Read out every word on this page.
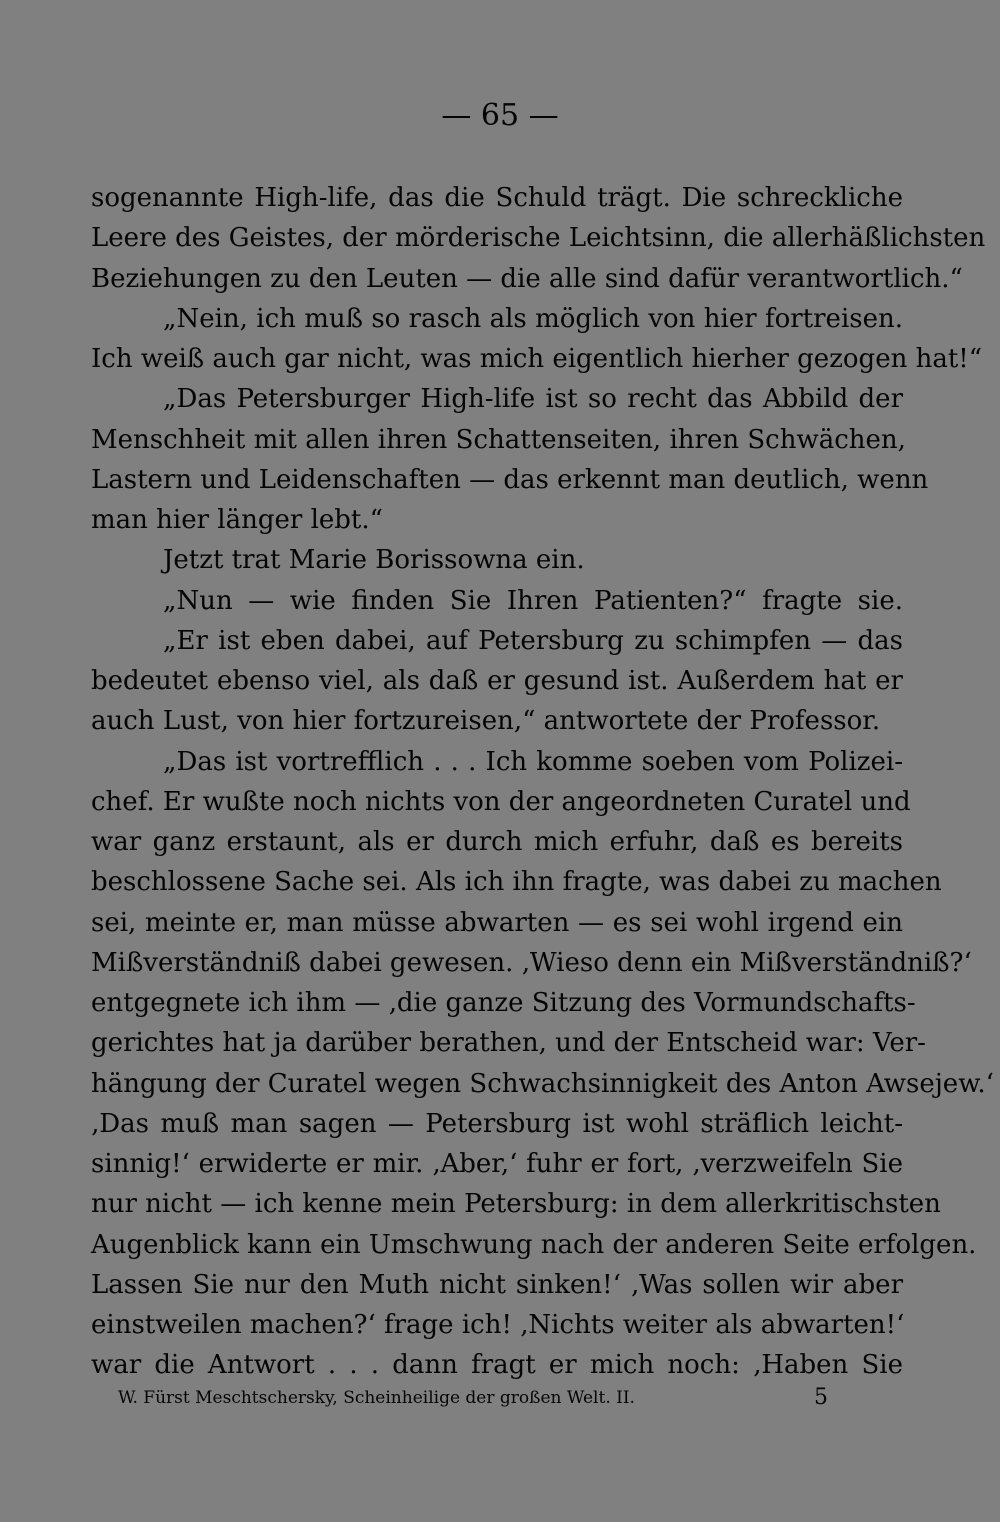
— 65 —
sogenannte High-life, das die Schuld trägt. Die schreckliche
Leere des Geistes, der mörderische Leichtsinn, die allerhäßlichsten
Beziehungen zu den Leuten — die alle sind dafür verantwortlich.“
„Nein, ich muß so rasch als möglich von hier fortreisen.
Ich weiß auch gar nicht, was mich eigentlich hierher gezogen hat!“
„Das Petersburger High-life ist so recht das Abbild der
Menschheit mit allen ihren Schattenseiten, ihren Schwächen,
Lastern und Leidenschaften — das erkennt man deutlich, wenn
man hier länger lebt.“
Jetzt trat Marie Borissowna ein.
„Nun — wie finden Sie Ihren Patienten?“ fragte sie.
„Er ist eben dabei, auf Petersburg zu schimpfen — das
bedeutet ebenso viel, als daß er gesund ist. Außerdem hat er
auch Lust, von hier fortzureisen,“ antwortete der Professor.
„Das ist vortrefflich . . . Ich komme soeben vom Polizei-
chef. Er wußte noch nichts von der angeordneten Curatel und
war ganz erstaunt, als er durch mich erfuhr, daß es bereits
beschlossene Sache sei. Als ich ihn fragte, was dabei zu machen
sei, meinte er, man müsse abwarten — es sei wohl irgend ein
Mißverständniß dabei gewesen. ‚Wieso denn ein Mißverständniß?‘
entgegnete ich ihm — ‚die ganze Sitzung des Vormundschafts-
gerichtes hat ja darüber berathen, und der Entscheid war: Ver-
hängung der Curatel wegen Schwachsinnigkeit des Anton Awsejew.‘
‚Das muß man sagen — Petersburg ist wohl sträflich leicht-
sinnig!‘ erwiderte er mir. ‚Aber,‘ fuhr er fort, ‚verzweifeln Sie
nur nicht — ich kenne mein Petersburg: in dem allerkritischsten
Augenblick kann ein Umschwung nach der anderen Seite erfolgen.
Lassen Sie nur den Muth nicht sinken!‘ ‚Was sollen wir aber
einstweilen machen?‘ frage ich! ‚Nichts weiter als abwarten!‘
war die Antwort . . . dann fragt er mich noch: ‚Haben Sie
W. Fürst Meschtschersky, Scheinheilige der großen Welt. II.	5
